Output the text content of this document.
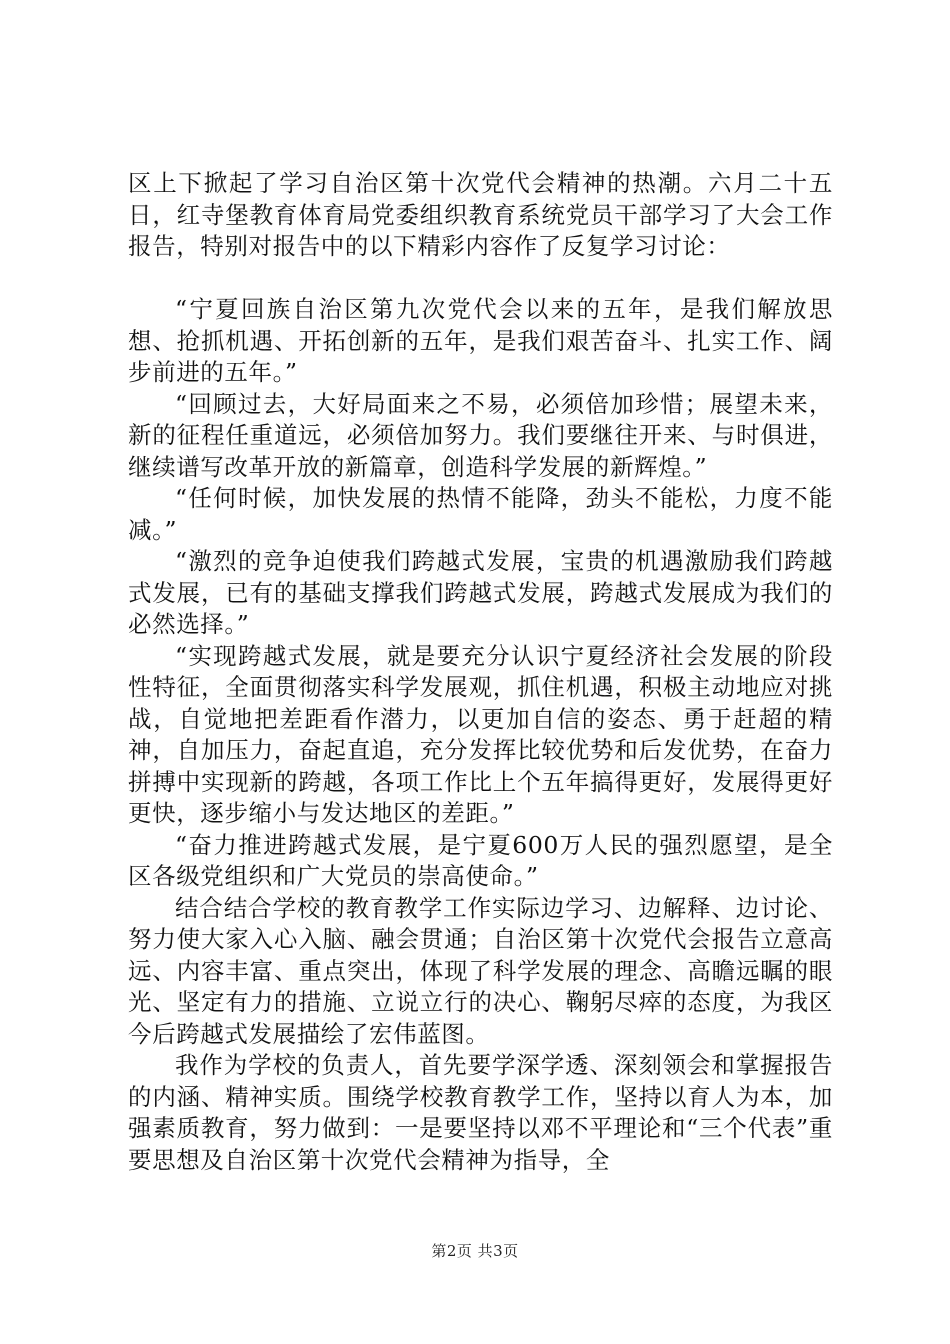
区上下掀起了学习自治区第十次党代会精神的热潮。六月二十五日，红寺堡教育体育局党委组织教育系统党员干部学习了大会工作报告，特别对报告中的以下精彩内容作了反复学习讨论：

“宁夏回族自治区第九次党代会以来的五年，是我们解放思想、抢抓机遇、开拓创新的五年，是我们艰苦奋斗、扎实工作、阔步前进的五年。”

“回顾过去，大好局面来之不易，必须倍加珍惜；展望未来，新的征程任重道远，必须倍加努力。我们要继往开来、与时俱进，继续谱写改革开放的新篇章，创造科学发展的新辉煌。”

“任何时候，加快发展的热情不能降，劲头不能松，力度不能减。”

“激烈的竞争迫使我们跨越式发展，宝贵的机遇激励我们跨越式发展，已有的基础支撑我们跨越式发展，跨越式发展成为我们的必然选择。”

“实现跨越式发展，就是要充分认识宁夏经济社会发展的阶段性特征，全面贯彻落实科学发展观，抓住机遇，积极主动地应对挑战，自觉地把差距看作潜力，以更加自信的姿态、勇于赶超的精神，自加压力，奋起直追，充分发挥比较优势和后发优势，在奋力拼搏中实现新的跨越，各项工作比上个五年搞得更好，发展得更好更快，逐步缩小与发达地区的差距。”

“奋力推进跨越式发展，是宁夏600万人民的强烈愿望，是全区各级党组织和广大党员的崇高使命。”

结合结合学校的教育教学工作实际边学习、边解释、边讨论、努力使大家入心入脑、融会贯通；自治区第十次党代会报告立意高远、内容丰富、重点突出，体现了科学发展的理念、高瞻远瞩的眼光、坚定有力的措施、立说立行的决心、鞠躬尽瘁的态度，为我区今后跨越式发展描绘了宏伟蓝图。

我作为学校的负责人，首先要学深学透、深刻领会和掌握报告的内涵、精神实质。围绕学校教育教学工作，坚持以育人为本，加强素质教育，努力做到：一是要坚持以邓不平理论和“三个代表”重要思想及自治区第十次党代会精神为指导，全

第2页 共3页
